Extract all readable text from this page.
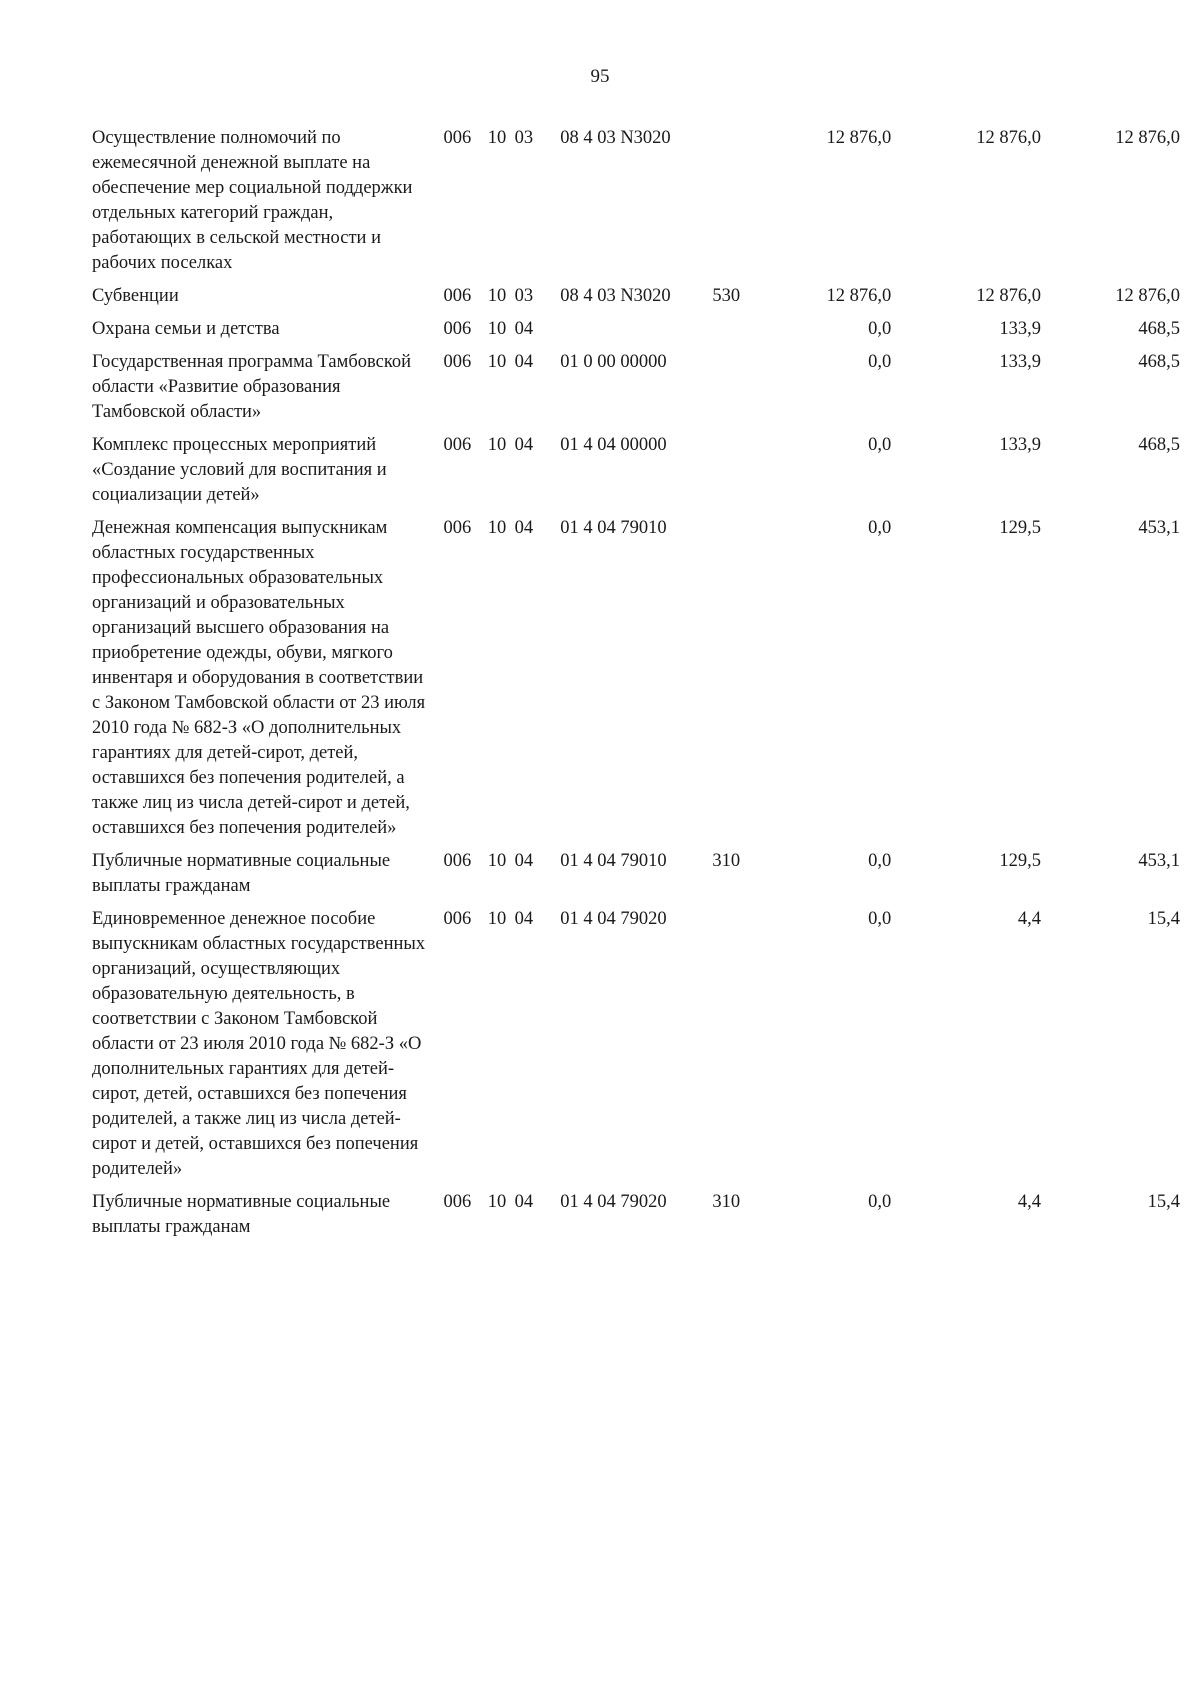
95
Осуществление полномочий по ежемесячной денежной выплате на обеспечение мер социальной поддержки отдельных категорий граждан, работающих в сельской местности и рабочих поселках	006	10	03	08 4 03 N3020		12 876,0	12 876,0	12 876,0
Субвенции	006	10	03	08 4 03 N3020	530	12 876,0	12 876,0	12 876,0
Охрана семьи и детства	006	10	04			0,0	133,9	468,5
Государственная программа Тамбовской области «Развитие образования Тамбовской области»	006	10	04	01 0 00 00000		0,0	133,9	468,5
Комплекс процессных мероприятий «Создание условий для воспитания и социализации детей»	006	10	04	01 4 04 00000		0,0	133,9	468,5
Денежная компенсация выпускникам областных государственных профессиональных образовательных организаций и образовательных организаций высшего образования на приобретение одежды, обуви, мягкого инвентаря и оборудования в соответствии с Законом Тамбовской области от 23 июля 2010 года № 682-З «О дополнительных гарантиях для детей-сирот, детей, оставшихся без попечения родителей, а также лиц из числа детей-сирот и детей, оставшихся без попечения родителей»	006	10	04	01 4 04 79010		0,0	129,5	453,1
Публичные нормативные социальные выплаты гражданам	006	10	04	01 4 04 79010	310	0,0	129,5	453,1
Единовременное денежное пособие выпускникам областных государственных организаций, осуществляющих образовательную деятельность, в соответствии с Законом Тамбовской области от 23 июля 2010 года № 682-З «О дополнительных гарантиях для детей-сирот, детей, оставшихся без попечения родителей, а также лиц из числа детей-сирот и детей, оставшихся без попечения родителей»	006	10	04	01 4 04 79020		0,0	4,4	15,4
Публичные нормативные социальные выплаты гражданам	006	10	04	01 4 04 79020	310	0,0	4,4	15,4
